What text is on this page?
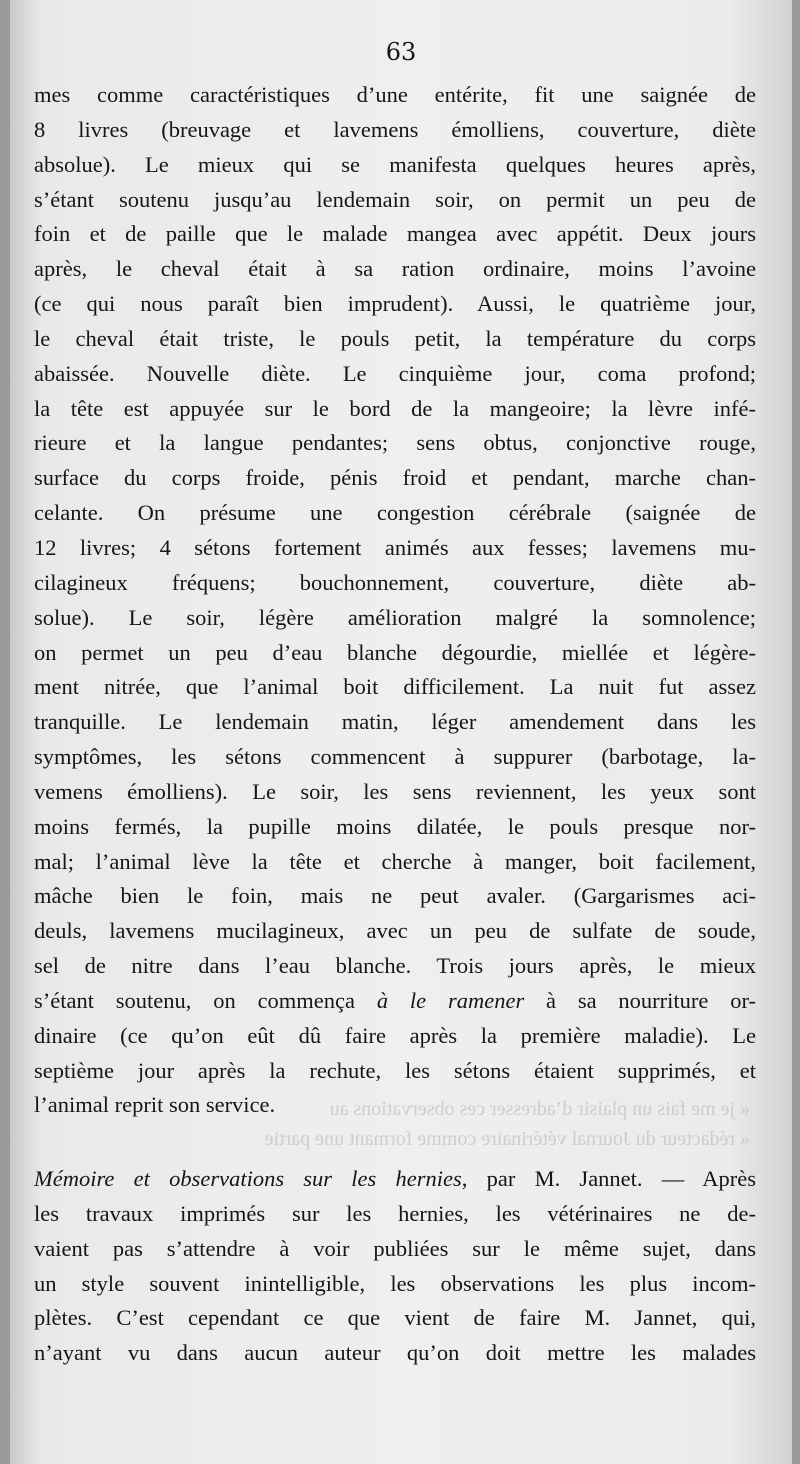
63
mes comme caractéristiques d’une entérite, fit une saignée de
8 livres (breuvage et lavemens émolliens, couverture, diète
absolue). Le mieux qui se manifesta quelques heures après,
s’étant soutenu jusqu’au lendemain soir, on permit un peu de
foin et de paille que le malade mangea avec appétit. Deux jours
après, le cheval était à sa ration ordinaire, moins l’avoine
(ce qui nous paraît bien imprudent). Aussi, le quatrième jour,
le cheval était triste, le pouls petit, la température du corps
abaissée. Nouvelle diète. Le cinquième jour, coma profond;
la tête est appuyée sur le bord de la mangeoire; la lèvre infé-
rieure et la langue pendantes; sens obtus, conjonctive rouge,
surface du corps froide, pénis froid et pendant, marche chan-
celante. On présume une congestion cérébrale (saignée de
12 livres; 4 sétons fortement animés aux fesses; lavemens mu-
cilagineux fréquens; bouchonnement, couverture, diète ab-
solue). Le soir, légère amélioration malgré la somnolence;
on permet un peu d’eau blanche dégourdie, miellée et légère-
ment nitrée, que l’animal boit difficilement. La nuit fut assez
tranquille. Le lendemain matin, léger amendement dans les
symptômes, les sétons commencent à suppurer (barbotage, la-
vemens émolliens). Le soir, les sens reviennent, les yeux sont
moins fermés, la pupille moins dilatée, le pouls presque nor-
mal; l’animal lève la tête et cherche à manger, boit facilement,
mâche bien le foin, mais ne peut avaler. (Gargarismes aci-
deuls, lavemens mucilagineux, avec un peu de sulfate de soude,
sel de nitre dans l’eau blanche. Trois jours après, le mieux
s’étant soutenu, on commença à le ramener à sa nourriture or-
dinaire (ce qu’on eût dû faire après la première maladie). Le
septième jour après la rechute, les sétons étaient supprimés, et
l’animal reprit son service.	« je me fais un plaisir d’adresser ces observations au
« rédacteur du Journal vétérinaire comme formant une partie
Mémoire et observations sur les hernies, par M. Jannet. — Après
les travaux imprimés sur les hernies, les vétérinaires ne de-
vaient pas s’attendre à voir publiées sur le même sujet, dans
un style souvent inintelligible, les observations les plus incom-
plètes. C’est cependant ce que vient de faire M. Jannet, qui,
n’ayant vu dans aucun auteur qu’on doit mettre les malades
